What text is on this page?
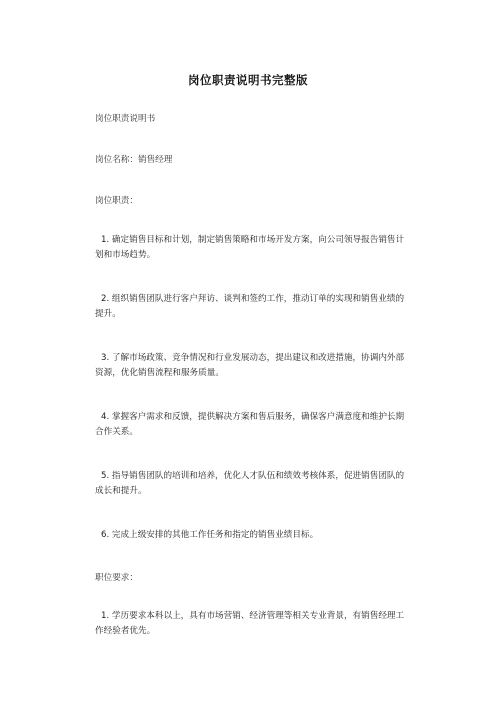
岗位职责说明书完整版
岗位职责说明书
岗位名称：销售经理
岗位职责：
1. 确定销售目标和计划，制定销售策略和市场开发方案，向公司领导报告销售计
划和市场趋势。
2. 组织销售团队进行客户拜访、谈判和签约工作，推动订单的实现和销售业绩的
提升。
3. 了解市场政策、竞争情况和行业发展动态，提出建议和改进措施，协调内外部
资源，优化销售流程和服务质量。
4. 掌握客户需求和反馈，提供解决方案和售后服务，确保客户满意度和维护长期
合作关系。
5. 指导销售团队的培训和培养，优化人才队伍和绩效考核体系，促进销售团队的
成长和提升。
6. 完成上级安排的其他工作任务和指定的销售业绩目标。
职位要求：
1. 学历要求本科以上，具有市场营销、经济管理等相关专业背景，有销售经理工
作经验者优先。
